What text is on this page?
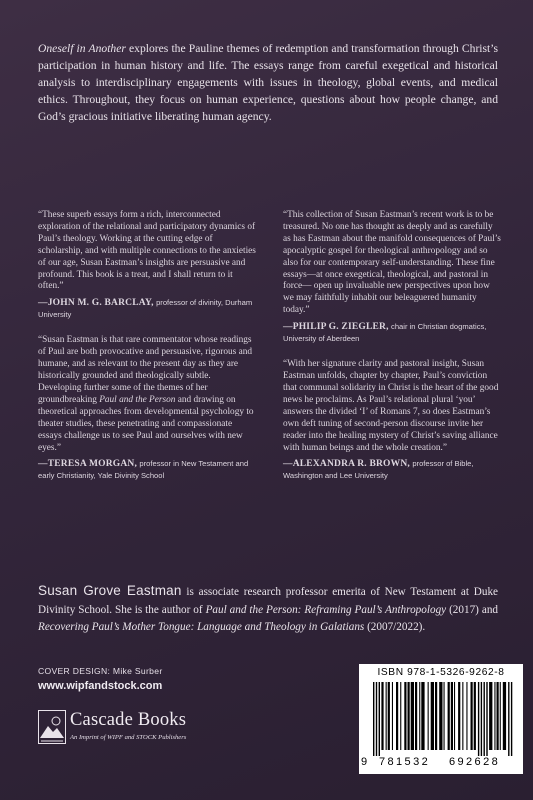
Oneself in Another explores the Pauline themes of redemption and transformation through Christ’s participation in human history and life. The essays range from careful exegetical and historical analysis to interdisciplinary engagements with issues in theology, global events, and medical ethics. Throughout, they focus on human experience, questions about how people change, and God’s gracious initiative liberating human agency.

“These superb essays form a rich, interconnected exploration of the relational and participatory dynamics of Paul’s theology. Working at the cutting edge of scholarship, and with multiple connections to the anxieties of our age, Susan Eastman’s insights are persuasive and profound. This book is a treat, and I shall return to it often.”

—JOHN M. G. BARCLAY, professor of divinity, Durham University

“Susan Eastman is that rare commentator whose readings of Paul are both provocative and persuasive, rigorous and humane, and as relevant to the present day as they are historically grounded and theologically subtle. Developing further some of the themes of her groundbreaking Paul and the Person and drawing on theoretical approaches from developmental psychology to theater studies, these penetrating and compassionate essays challenge us to see Paul and ourselves with new eyes.”

—TERESA MORGAN, professor in New Testament and early Christianity, Yale Divinity School

“This collection of Susan Eastman’s recent work is to be treasured. No one has thought as deeply and as carefully as has Eastman about the manifold consequences of Paul’s apocalyptic gospel for theological anthropology and so also for our contemporary self-understanding. These fine essays—at once exegetical, theological, and pastoral in force— open up invaluable new perspectives upon how we may faithfully inhabit our beleaguered humanity today.”

—PHILIP G. ZIEGLER, chair in Christian dogmatics, University of Aberdeen

“With her signature clarity and pastoral insight, Susan Eastman unfolds, chapter by chapter, Paul’s conviction that communal solidarity in Christ is the heart of the good news he proclaims. As Paul’s relational plural ‘you’ answers the divided ‘I’ of Romans 7, so does Eastman’s own deft tuning of second-person discourse invite her reader into the healing mystery of Christ’s saving alliance with human beings and the whole creation.”

—ALEXANDRA R. BROWN, professor of Bible, Washington and Lee University

Susan Grove Eastman is associate research professor emerita of New Testament at Duke Divinity School. She is the author of Paul and the Person: Reframing Paul’s Anthropology (2017) and Recovering Paul’s Mother Tongue: Language and Theology in Galatians (2007/2022).
COVER DESIGN: Mike Surber
www.wipfandstock.com
Cascade Books
An Imprint of WIPF and STOCK Publishers
ISBN 978-1-5326-9262-8
9 781532 692628
